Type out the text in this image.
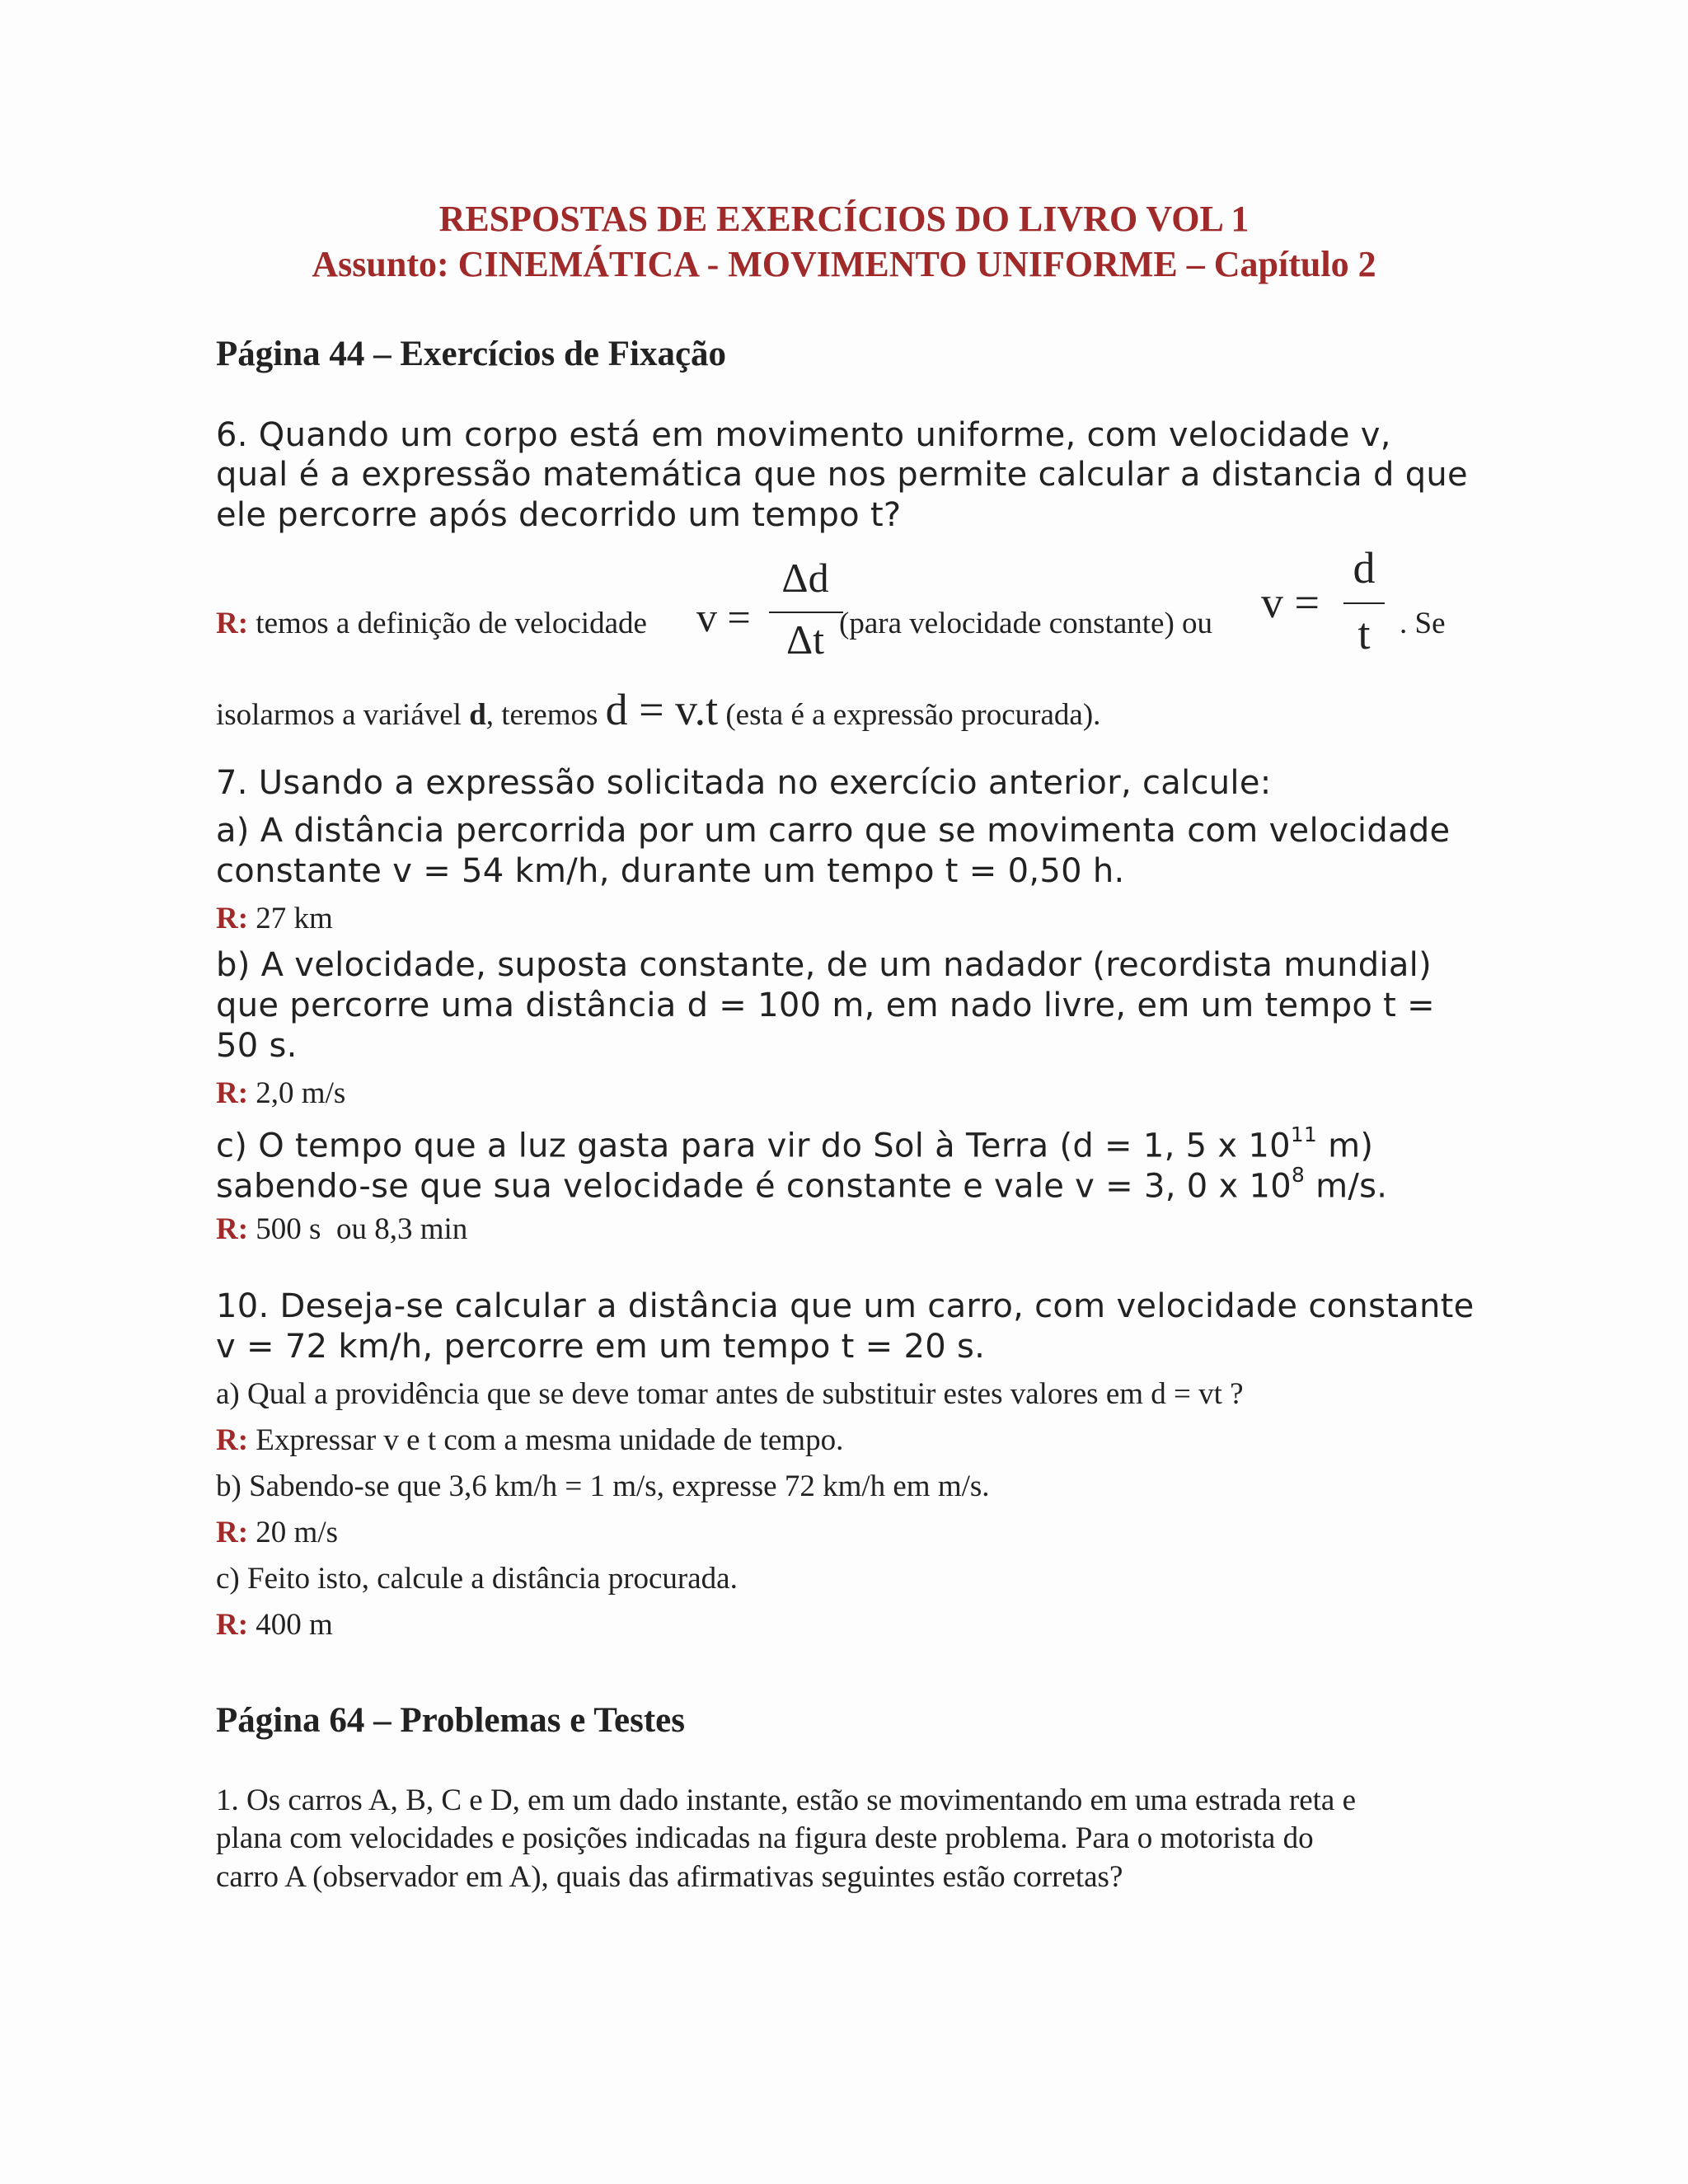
RESPOSTAS DE EXERCÍCIOS DO LIVRO VOL 1
Assunto: CINEMÁTICA - MOVIMENTO UNIFORME – Capítulo 2
Página 44 – Exercícios de Fixação
6. Quando um corpo está em movimento uniforme, com velocidade v,
qual é a expressão matemática que nos permite calcular a distancia d que
ele percorre após decorrido um tempo t?
R: temos a definição de velocidade v =
Δd
Δt (para velocidade constante) ou v =
d
t . Se
isolarmos a variável d, teremos d = v.t (esta é a expressão procurada).
7. Usando a expressão solicitada no exercício anterior, calcule:
a) A distância percorrida por um carro que se movimenta com velocidade
constante v = 54 km/h, durante um tempo t = 0,50 h.
R: 27 km
b) A velocidade, suposta constante, de um nadador (recordista mundial)
que percorre uma distância d = 100 m, em nado livre, em um tempo t =
50 s.
R: 2,0 m/s
c) O tempo que a luz gasta para vir do Sol à Terra (d = 1, 5 x $10^{11}$ m)
sabendo-se que sua velocidade é constante e vale v = 3, 0 x $10^8$ m/s.
R: 500 s  ou 8,3 min
10. Deseja-se calcular a distância que um carro, com velocidade constante
v = 72 km/h, percorre em um tempo t = 20 s.
a) Qual a providência que se deve tomar antes de substituir estes valores em d = vt ?
R: Expressar v e t com a mesma unidade de tempo.
b) Sabendo-se que 3,6 km/h = 1 m/s, expresse 72 km/h em m/s.
R: 20 m/s
c) Feito isto, calcule a distância procurada.
R: 400 m
Página 64 – Problemas e Testes
1. Os carros A, B, C e D, em um dado instante, estão se movimentando em uma estrada reta e
plana com velocidades e posições indicadas na figura deste problema. Para o motorista do
carro A (observador em A), quais das afirmativas seguintes estão corretas?
